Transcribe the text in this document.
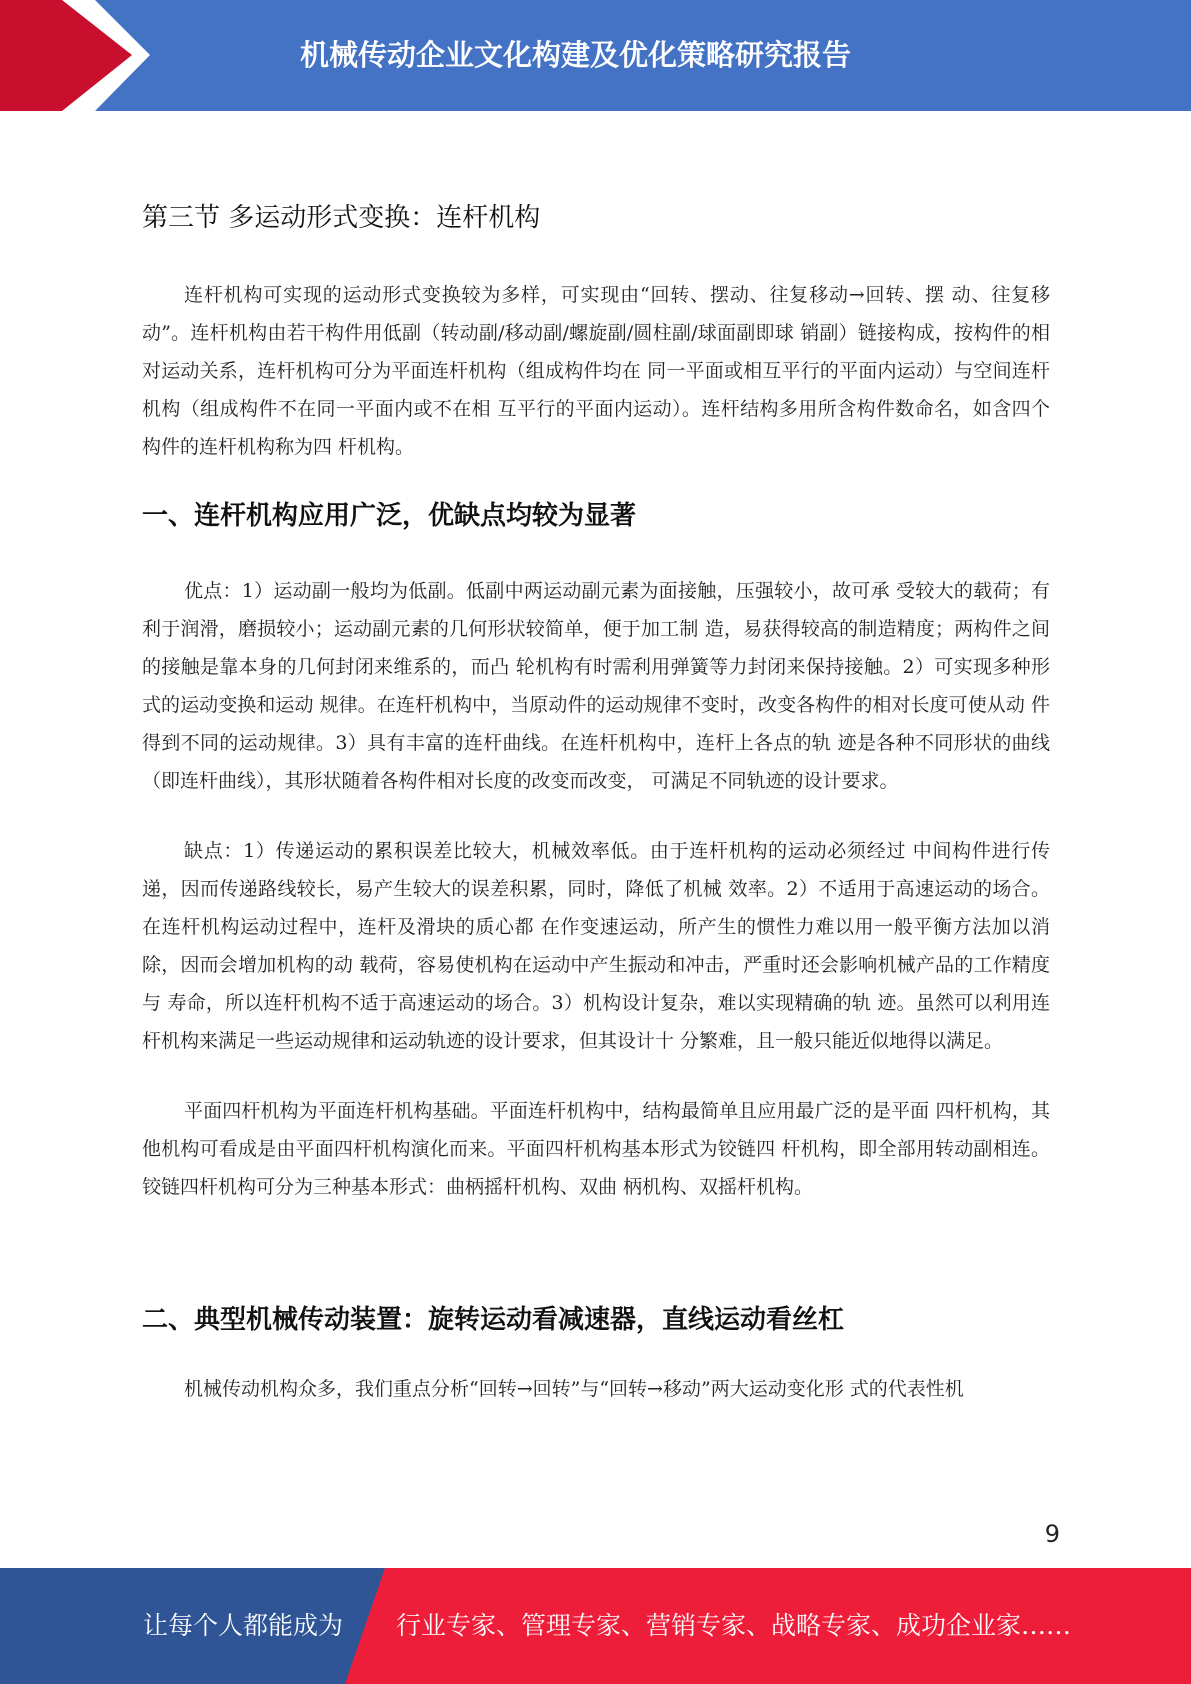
机械传动企业文化构建及优化策略研究报告
第三节 多运动形式变换：连杆机构

连杆机构可实现的运动形式变换较为多样，可实现由“回转、摆动、往复移动→回转、摆 动、往复移动”。连杆机构由若干构件用低副（转动副/移动副/螺旋副/圆柱副/球面副即球 销副）链接构成，按构件的相对运动关系，连杆机构可分为平面连杆机构（组成构件均在 同一平面或相互平行的平面内运动）与空间连杆机构（组成构件不在同一平面内或不在相 互平行的平面内运动）。连杆结构多用所含构件数命名，如含四个构件的连杆机构称为四 杆机构。

一、连杆机构应用广泛，优缺点均较为显著

优点：1）运动副一般均为低副。低副中两运动副元素为面接触，压强较小，故可承 受较大的载荷；有利于润滑，磨损较小；运动副元素的几何形状较简单，便于加工制 造，易获得较高的制造精度；两构件之间的接触是靠本身的几何封闭来维系的，而凸 轮机构有时需利用弹簧等力封闭来保持接触。2）可实现多种形式的运动变换和运动 规律。在连杆机构中，当原动件的运动规律不变时，改变各构件的相对长度可使从动 件得到不同的运动规律。3）具有丰富的连杆曲线。在连杆机构中，连杆上各点的轨 迹是各种不同形状的曲线（即连杆曲线），其形状随着各构件相对长度的改变而改变， 可满足不同轨迹的设计要求。

缺点：1）传递运动的累积误差比较大，机械效率低。由于连杆机构的运动必须经过 中间构件进行传递，因而传递路线较长，易产生较大的误差积累，同时，降低了机械 效率。2）不适用于高速运动的场合。在连杆机构运动过程中，连杆及滑块的质心都 在作变速运动，所产生的惯性力难以用一般平衡方法加以消除，因而会增加机构的动 载荷，容易使机构在运动中产生振动和冲击，严重时还会影响机械产品的工作精度与 寿命，所以连杆机构不适于高速运动的场合。3）机构设计复杂，难以实现精确的轨 迹。虽然可以利用连杆机构来满足一些运动规律和运动轨迹的设计要求，但其设计十 分繁难，且一般只能近似地得以满足。

平面四杆机构为平面连杆机构基础。平面连杆机构中，结构最简单且应用最广泛的是平面 四杆机构，其他机构可看成是由平面四杆机构演化而来。平面四杆机构基本形式为铰链四 杆机构，即全部用转动副相连。铰链四杆机构可分为三种基本形式：曲柄摇杆机构、双曲 柄机构、双摇杆机构。

二、典型机械传动装置：旋转运动看减速器，直线运动看丝杠

机械传动机构众多，我们重点分析“回转→回转”与“回转→移动”两大运动变化形 式的代表性机

9
让每个人都能成为 行业专家、管理专家、营销专家、战略专家、成功企业家……
